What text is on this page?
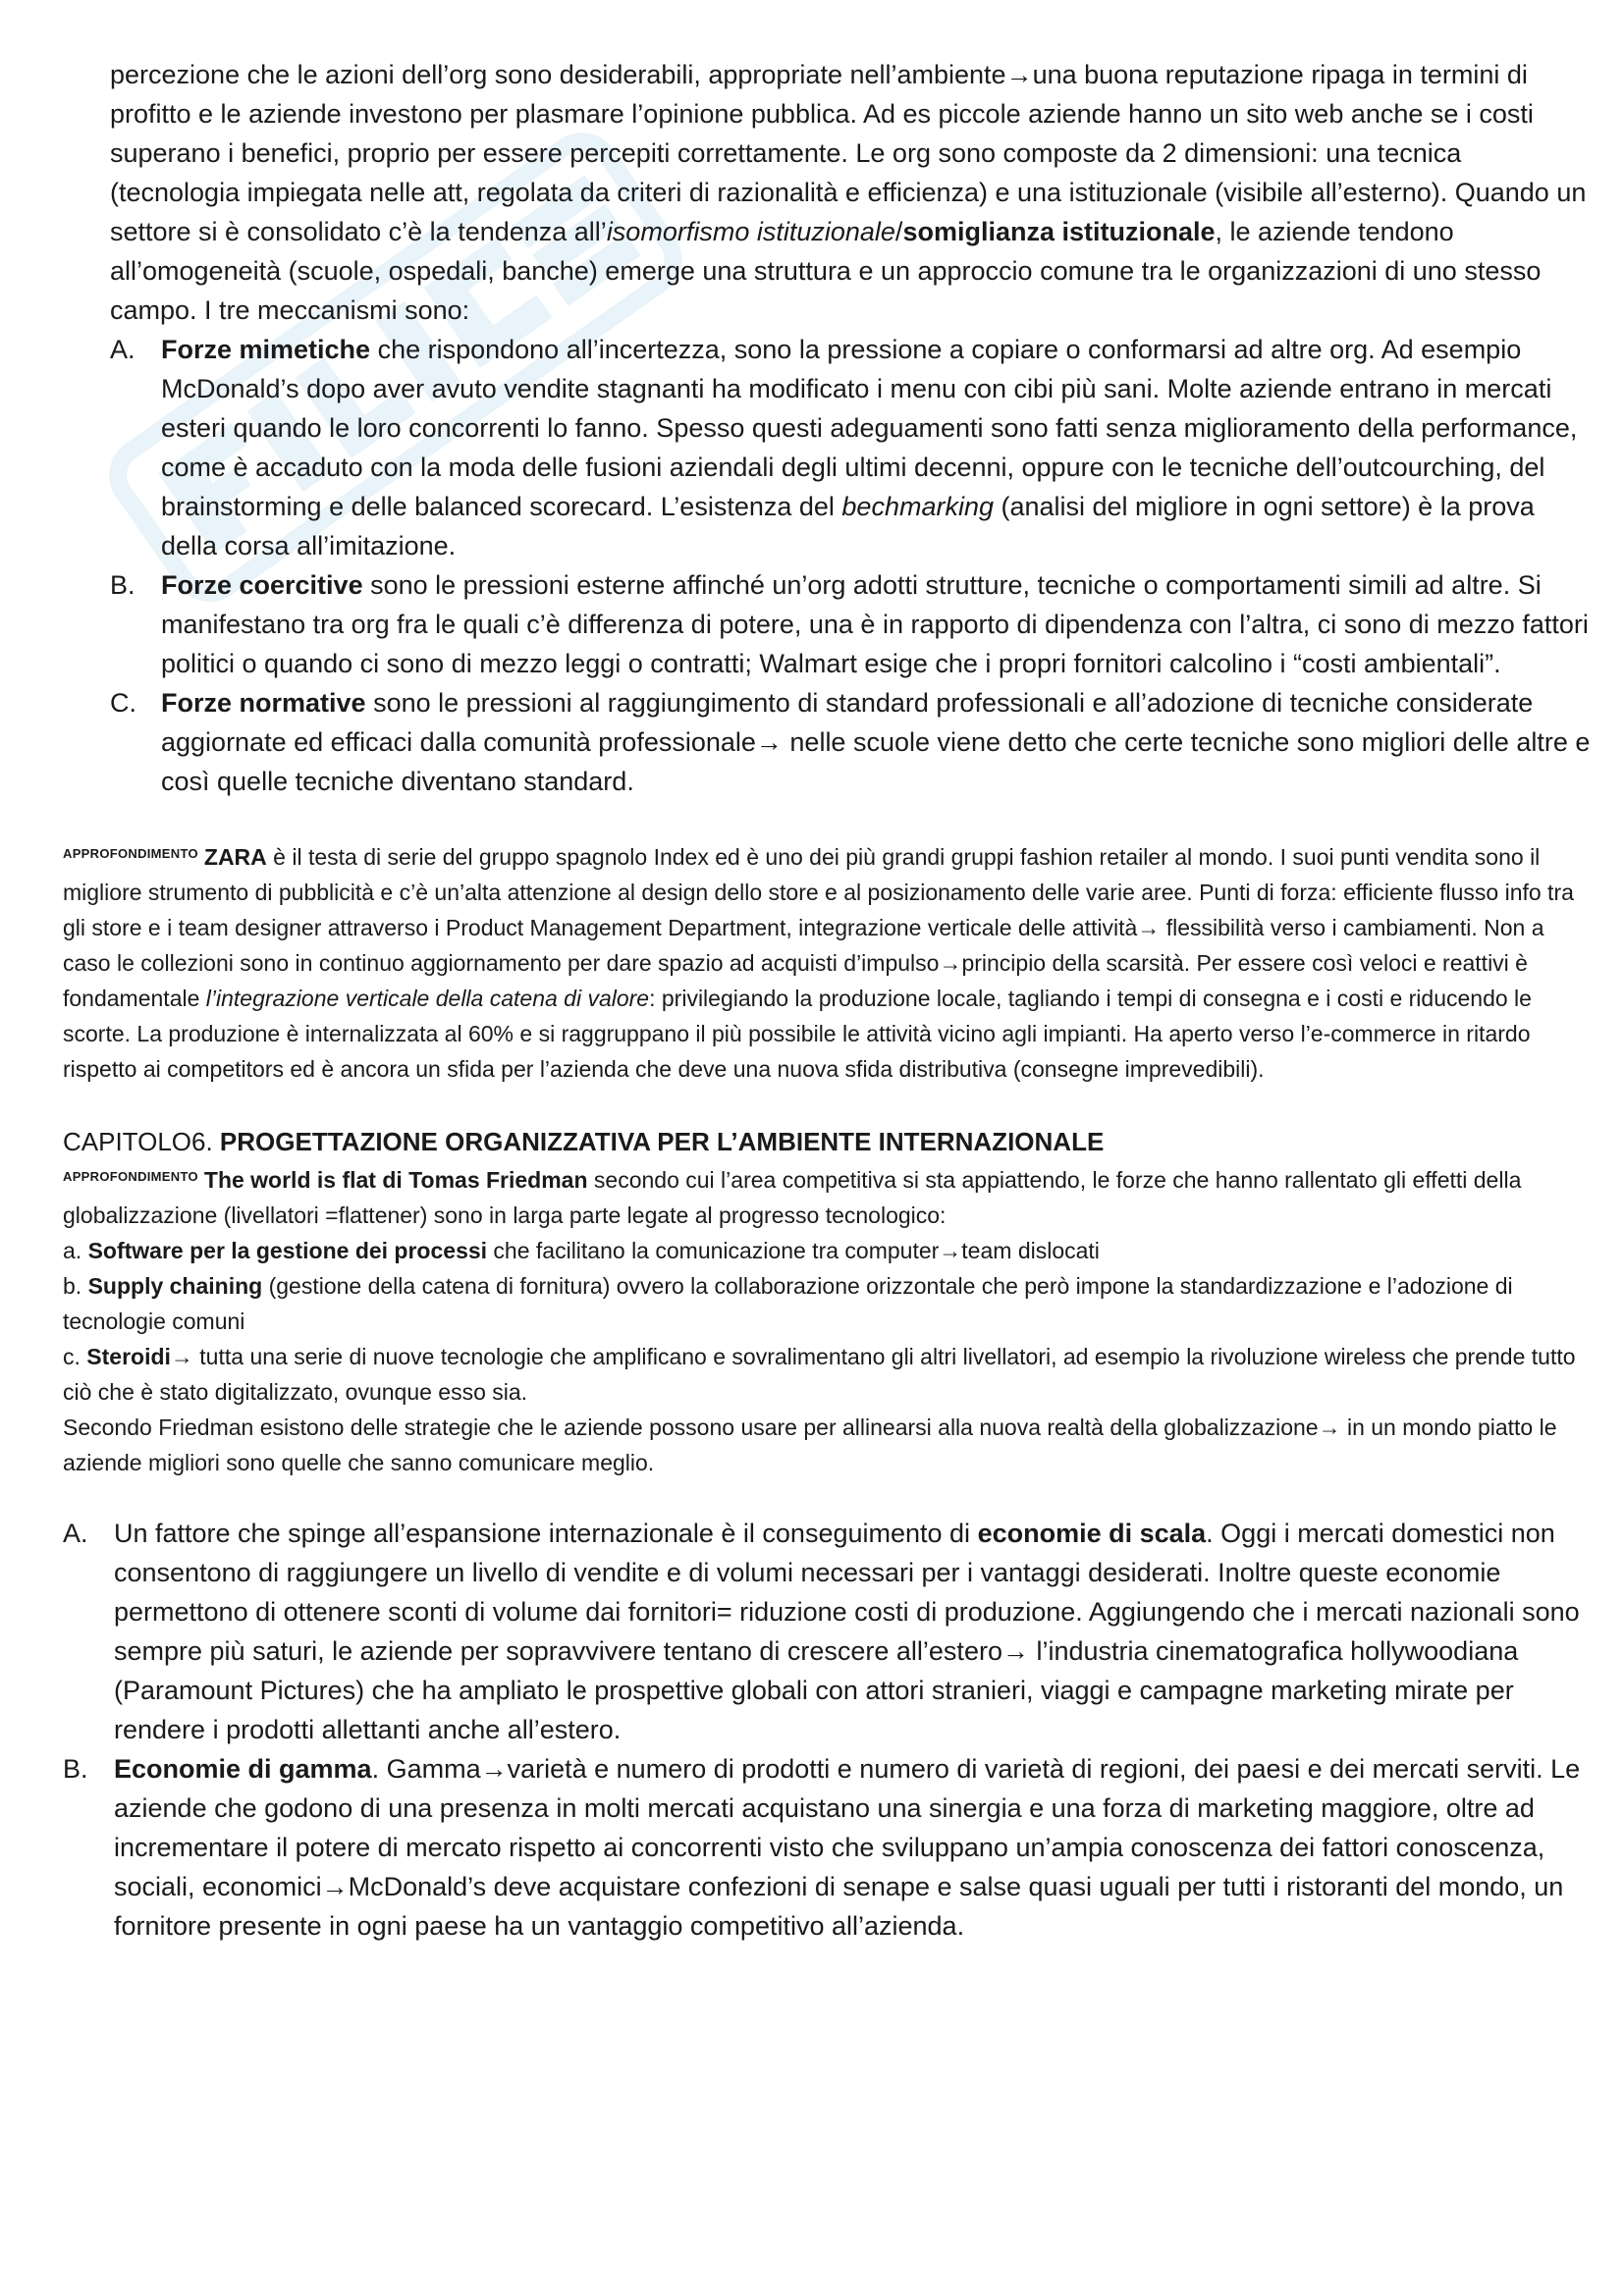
percezione che le azioni dell’org sono desiderabili, appropriate nell’ambiente→una buona reputazione ripaga in termini di profitto e le aziende investono per plasmare l’opinione pubblica. Ad es piccole aziende hanno un sito web anche se i costi superano i benefici, proprio per essere percepiti correttamente. Le org sono composte da 2 dimensioni: una tecnica (tecnologia impiegata nelle att, regolata da criteri di razionalità e efficienza) e una istituzionale (visibile all’esterno). Quando un settore si è consolidato c’è la tendenza all’isomorfismo istituzionale/somiglianza istituzionale, le aziende tendono all’omogeneità (scuole, ospedali, banche) emerge una struttura e un approccio comune tra le organizzazioni di uno stesso campo. I tre meccanismi sono:

A. Forze mimetiche che rispondono all’incertezza, sono la pressione a copiare o conformarsi ad altre org. Ad esempio McDonald’s dopo aver avuto vendite stagnanti ha modificato i menu con cibi più sani. Molte aziende entrano in mercati esteri quando le loro concorrenti lo fanno. Spesso questi adeguamenti sono fatti senza miglioramento della performance, come è accaduto con la moda delle fusioni aziendali degli ultimi decenni, oppure con le tecniche dell’outcourching, del brainstorming e delle balanced scorecard. L’esistenza del bechmarking (analisi del migliore in ogni settore) è la prova della corsa all’imitazione.
B. Forze coercitive sono le pressioni esterne affinché un’org adotti strutture, tecniche o comportamenti simili ad altre. Si manifestano tra org fra le quali c’è differenza di potere, una è in rapporto di dipendenza con l’altra, ci sono di mezzo fattori politici o quando ci sono di mezzo leggi o contratti; Walmart esige che i propri fornitori calcolino i “costi ambientali”.
C. Forze normative sono le pressioni al raggiungimento di standard professionali e all’adozione di tecniche considerate aggiornate ed efficaci dalla comunità professionale→ nelle scuole viene detto che certe tecniche sono migliori delle altre e così quelle tecniche diventano standard.

$^{APPROFONDIMENTO}$ ZARA è il testa di serie del gruppo spagnolo Index ed è uno dei più grandi gruppi fashion retailer al mondo. I suoi punti vendita sono il migliore strumento di pubblicità e c’è un’alta attenzione al design dello store e al posizionamento delle varie aree. Punti di forza: efficiente flusso info tra gli store e i team designer attraverso i Product Management Department, integrazione verticale delle attività→ flessibilità verso i cambiamenti. Non a caso le collezioni sono in continuo aggiornamento per dare spazio ad acquisti d’impulso→principio della scarsità. Per essere così veloci e reattivi è fondamentale l’integrazione verticale della catena di valore: privilegiando la produzione locale, tagliando i tempi di consegna e i costi e riducendo le scorte. La produzione è internalizzata al 60% e si raggruppano il più possibile le attività vicino agli impianti. Ha aperto verso l’e-commerce in ritardo rispetto ai competitors ed è ancora un sfida per l’azienda che deve una nuova sfida distributiva (consegne imprevedibili).

CAPITOLO6. PROGETTAZIONE ORGANIZZATIVA PER L’AMBIENTE INTERNAZIONALE

$^{APPROFONDIMENTO}$ The world is flat di Tomas Friedman secondo cui l’area competitiva si sta appiattendo, le forze che hanno rallentato gli effetti della globalizzazione (livellatori =flattener) sono in larga parte legate al progresso tecnologico:
a. Software per la gestione dei processi che facilitano la comunicazione tra computer→team dislocati
b. Supply chaining (gestione della catena di fornitura) ovvero la collaborazione orizzontale che però impone la standardizzazione e l’adozione di tecnologie comuni
c. Steroidi→ tutta una serie di nuove tecnologie che amplificano e sovralimentano gli altri livellatori, ad esempio la rivoluzione wireless che prende tutto ciò che è stato digitalizzato, ovunque esso sia.
Secondo Friedman esistono delle strategie che le aziende possono usare per allinearsi alla nuova realtà della globalizzazione→ in un mondo piatto le aziende migliori sono quelle che sanno comunicare meglio.
A. Un fattore che spinge all’espansione internazionale è il conseguimento di economie di scala. Oggi i mercati domestici non consentono di raggiungere un livello di vendite e di volumi necessari per i vantaggi desiderati. Inoltre queste economie permettono di ottenere sconti di volume dai fornitori= riduzione costi di produzione. Aggiungendo che i mercati nazionali sono sempre più saturi, le aziende per sopravvivere tentano di crescere all’estero→ l’industria cinematografica hollywoodiana (Paramount Pictures) che ha ampliato le prospettive globali con attori stranieri, viaggi e campagne marketing mirate per rendere i prodotti allettanti anche all’estero.
B. Economie di gamma. Gamma→varietà e numero di prodotti e numero di varietà di regioni, dei paesi e dei mercati serviti. Le aziende che godono di una presenza in molti mercati acquistano una sinergia e una forza di marketing maggiore, oltre ad incrementare il potere di mercato rispetto ai concorrenti visto che sviluppano un’ampia conoscenza dei fattori conoscenza, sociali, economici→McDonald’s deve acquistare confezioni di senape e salse quasi uguali per tutti i ristoranti del mondo, un fornitore presente in ogni paese ha un vantaggio competitivo all’azienda.
